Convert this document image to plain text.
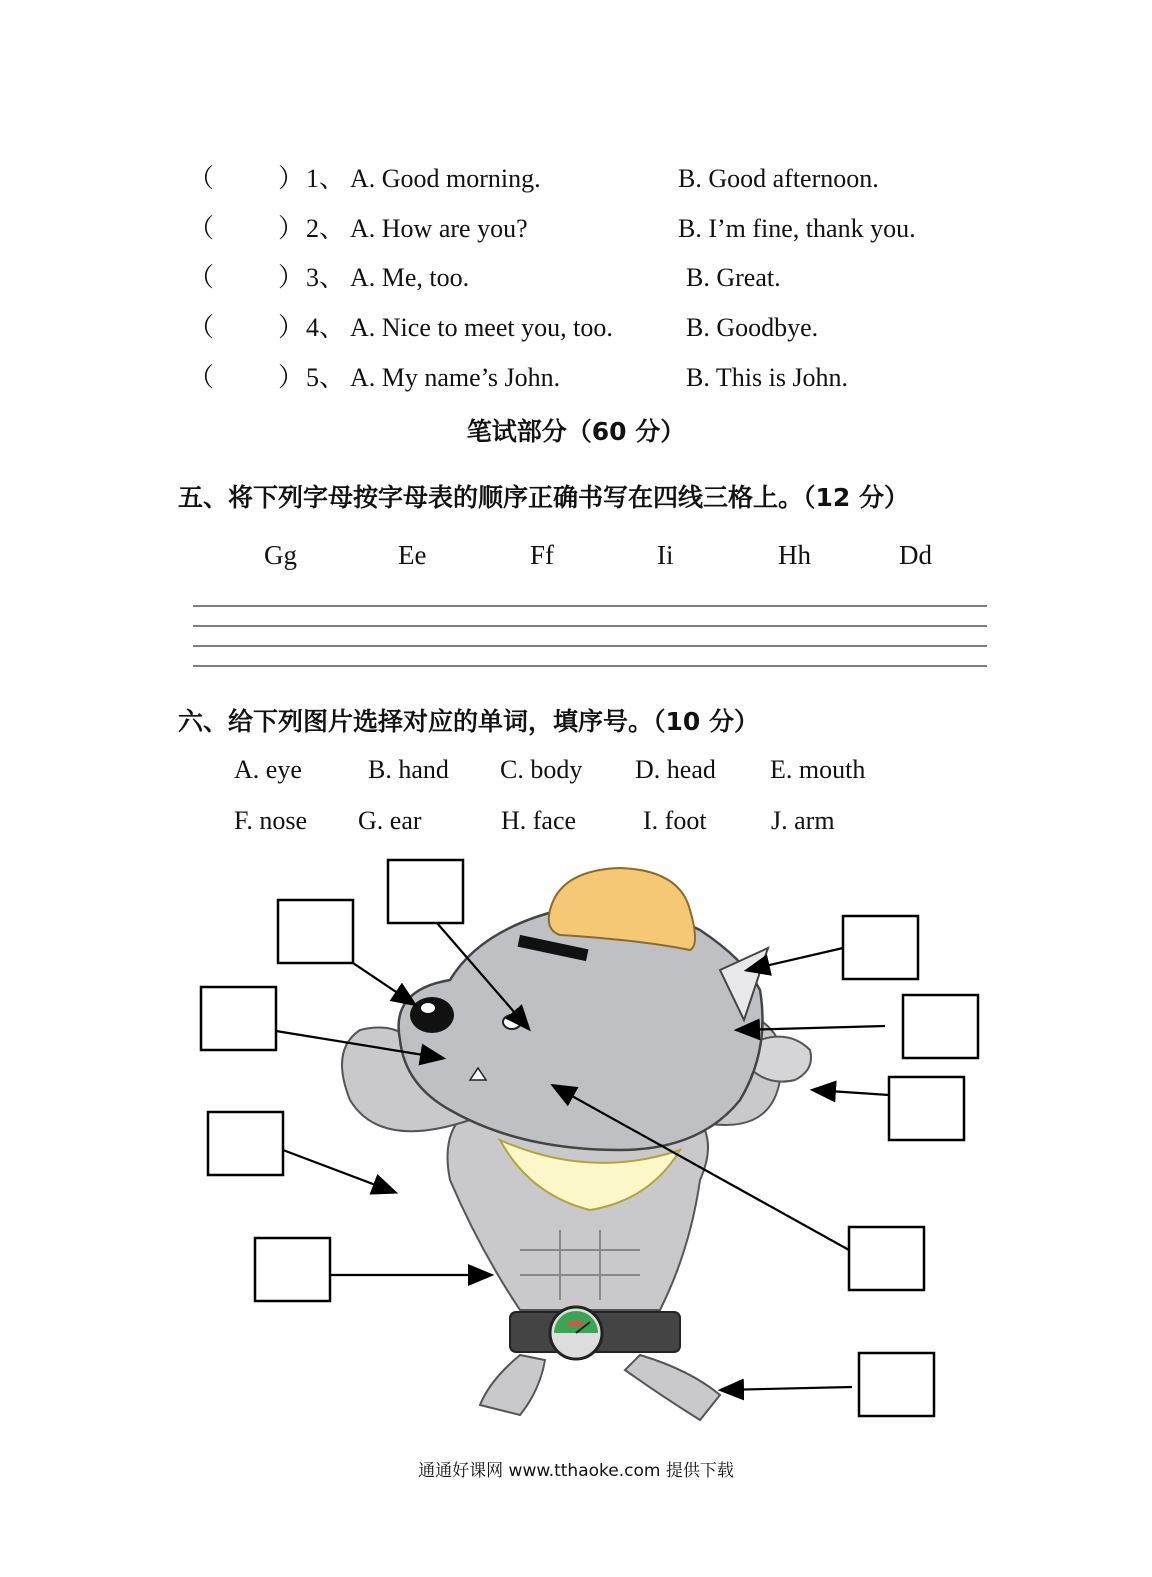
（ ） 1、 A. Good morning.	B. Good afternoon.
（ ） 2、 A. How are you?	B. I’m fine, thank you.
（ ） 3、 A. Me, too.	B. Great.
（ ） 4、 A. Nice to meet you, too.	B. Goodbye.
（ ） 5、 A. My name’s John.	B. This is John.
笔试部分（60 分）
五、将下列字母按字母表的顺序正确书写在四线三格上。（12 分）
Gg	Ee	Ff	Ii	Hh	Dd
六、给下列图片选择对应的单词，填序号。（10 分）
A. eye	B. hand C. body D. head E. mouth
F. nose G. ear	H. face	I. foot J. arm
通通好课网 www.tthaoke.com 提供下载
